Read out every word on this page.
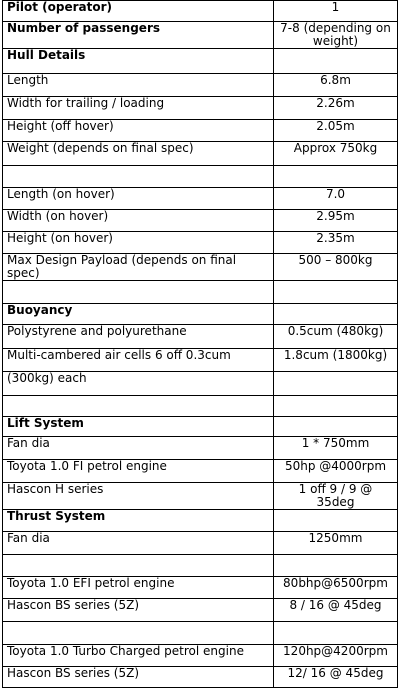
Pilot (operator)	1
Number of passengers	7-8 (depending on weight)
Hull Details	
Length	6.8m
Width for trailing / loading	2.26m
Height (off hover)	2.05m
Weight (depends on final spec)	Approx 750kg

Length (on hover)	7.0
Width (on hover)	2.95m
Height (on hover)	2.35m
Max Design Payload (depends on final spec)	500 – 800kg

Buoyancy	
Polystyrene and polyurethane	0.5cum (480kg)
Multi-cambered air cells 6 off 0.3cum	1.8cum (1800kg)
(300kg) each	

Lift System	
Fan dia	1 * 750mm
Toyota 1.0 FI petrol engine	50hp @4000rpm
Hascon H series	1 off 9 / 9 @ 35deg
Thrust System	
Fan dia	1250mm

Toyota 1.0 EFI petrol engine	80bhp@6500rpm
Hascon BS series (5Z)	8 / 16 @ 45deg

Toyota 1.0 Turbo Charged petrol engine	120hp@4200rpm
Hascon BS series (5Z)	12/ 16 @ 45deg
